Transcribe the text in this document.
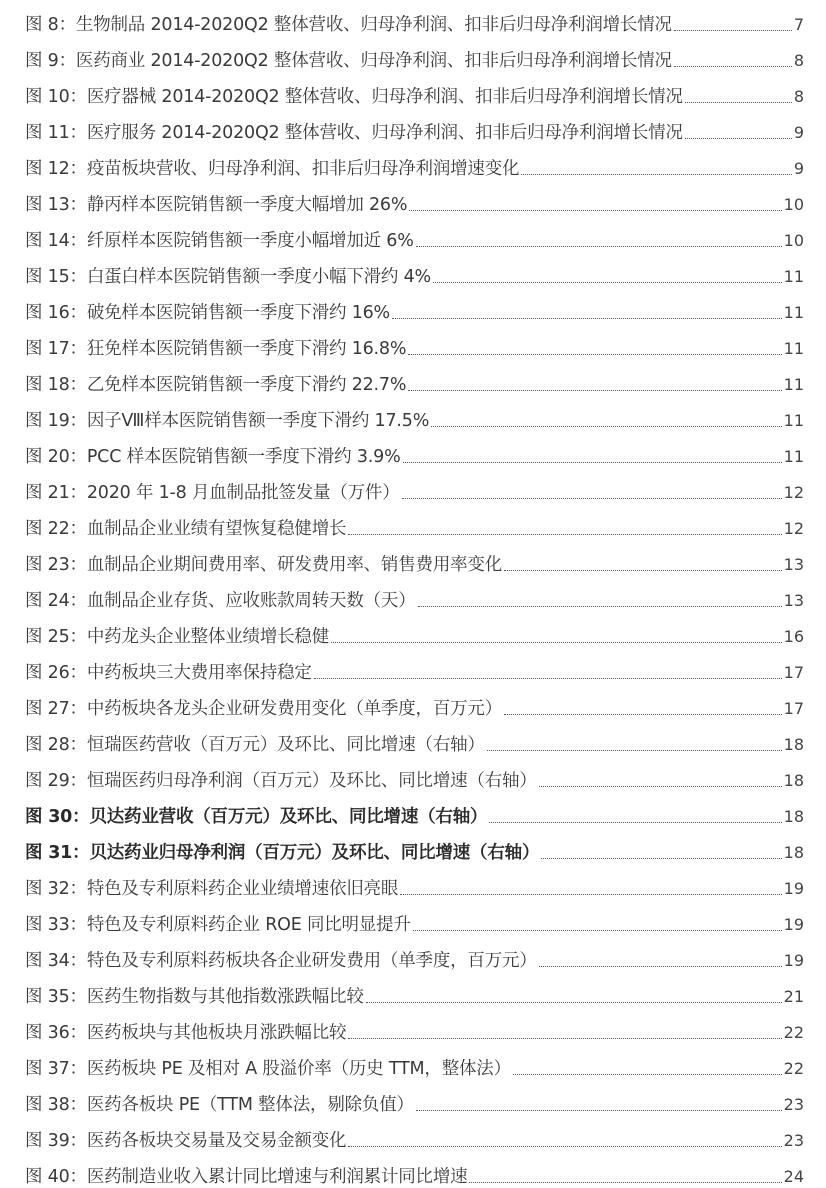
图 8：生物制品 2014-2020Q2 整体营收、归母净利润、扣非后归母净利润增长情况	7
图 9：医药商业 2014-2020Q2 整体营收、归母净利润、扣非后归母净利润增长情况	8
图 10：医疗器械 2014-2020Q2 整体营收、归母净利润、扣非后归母净利润增长情况	8
图 11：医疗服务 2014-2020Q2 整体营收、归母净利润、扣非后归母净利润增长情况	9
图 12：疫苗板块营收、归母净利润、扣非后归母净利润增速变化	9
图 13：静丙样本医院销售额一季度大幅增加 26%	10
图 14：纤原样本医院销售额一季度小幅增加近 6%	10
图 15：白蛋白样本医院销售额一季度小幅下滑约 4%	11
图 16：破免样本医院销售额一季度下滑约 16%	11
图 17：狂免样本医院销售额一季度下滑约 16.8%	11
图 18：乙免样本医院销售额一季度下滑约 22.7%	11
图 19：因子Ⅷ样本医院销售额一季度下滑约 17.5%	11
图 20：PCC 样本医院销售额一季度下滑约 3.9%	11
图 21：2020 年 1-8 月血制品批签发量（万件）	12
图 22：血制品企业业绩有望恢复稳健增长	12
图 23：血制品企业期间费用率、研发费用率、销售费用率变化	13
图 24：血制品企业存货、应收账款周转天数（天）	13
图 25：中药龙头企业整体业绩增长稳健	16
图 26：中药板块三大费用率保持稳定	17
图 27：中药板块各龙头企业研发费用变化（单季度，百万元）	17
图 28：恒瑞医药营收（百万元）及环比、同比增速（右轴）	18
图 29：恒瑞医药归母净利润（百万元）及环比、同比增速（右轴）	18
图 30：贝达药业营收（百万元）及环比、同比增速（右轴）	18
图 31：贝达药业归母净利润（百万元）及环比、同比增速（右轴）	18
图 32：特色及专利原料药企业业绩增速依旧亮眼	19
图 33：特色及专利原料药企业 ROE 同比明显提升	19
图 34：特色及专利原料药板块各企业研发费用（单季度，百万元）	19
图 35：医药生物指数与其他指数涨跌幅比较	21
图 36：医药板块与其他板块月涨跌幅比较	22
图 37：医药板块 PE 及相对 A 股溢价率（历史 TTM，整体法）	22
图 38：医药各板块 PE（TTM 整体法，剔除负值）	23
图 39：医药各板块交易量及交易金额变化	23
图 40：医药制造业收入累计同比增速与利润累计同比增速	24
